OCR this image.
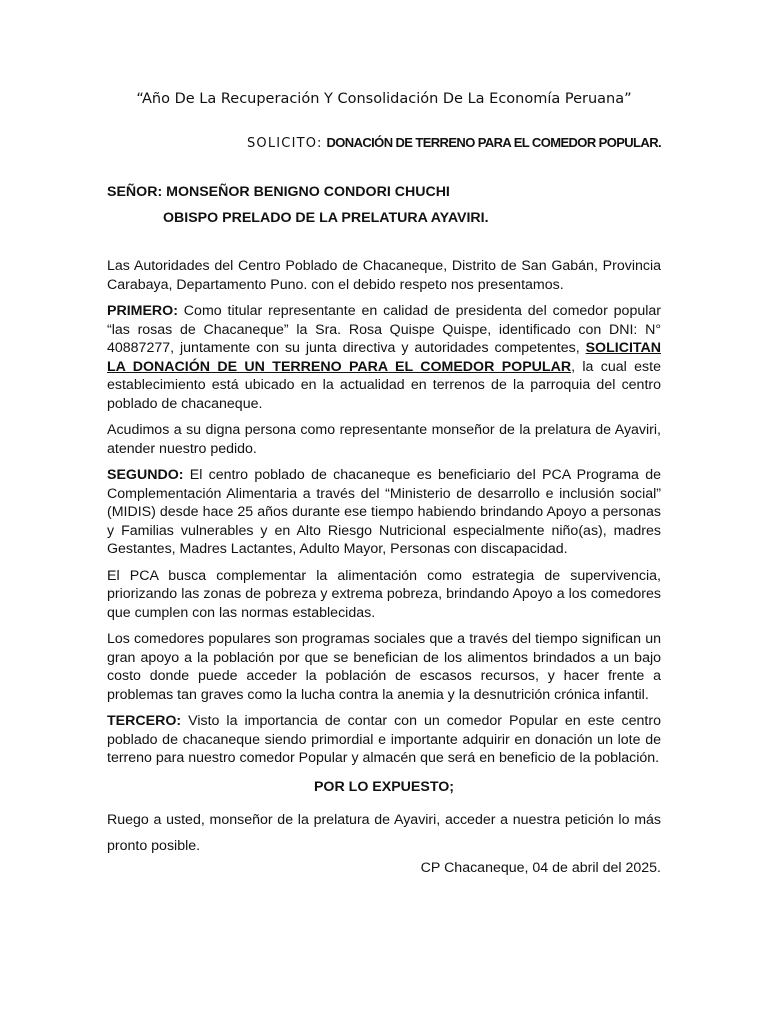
“Año De La Recuperación Y Consolidación De La Economía Peruana”
SOLICITO: DONACIÓN DE TERRENO PARA EL COMEDOR POPULAR.
SEÑOR: MONSEÑOR BENIGNO CONDORI CHUCHI
OBISPO PRELADO DE LA PRELATURA AYAVIRI.

Las Autoridades del Centro Poblado de Chacaneque, Distrito de San Gabán, Provincia Carabaya, Departamento Puno. con el debido respeto nos presentamos.

PRIMERO: Como titular representante en calidad de presidenta del comedor popular “las rosas de Chacaneque” la Sra. Rosa Quispe Quispe, identificado con DNI: N° 40887277, juntamente con su junta directiva y autoridades competentes, SOLICITAN LA DONACIÓN DE UN TERRENO PARA EL COMEDOR POPULAR, la cual este establecimiento está ubicado en la actualidad en terrenos de la parroquia del centro poblado de chacaneque.

Acudimos a su digna persona como representante monseñor de la prelatura de Ayaviri, atender nuestro pedido.

SEGUNDO: El centro poblado de chacaneque es beneficiario del PCA Programa de Complementación Alimentaria a través del “Ministerio de desarrollo e inclusión social” (MIDIS) desde hace 25 años durante ese tiempo habiendo brindando Apoyo a personas y Familias vulnerables y en Alto Riesgo Nutricional especialmente niño(as), madres Gestantes, Madres Lactantes, Adulto Mayor, Personas con discapacidad.

El PCA busca complementar la alimentación como estrategia de supervivencia, priorizando las zonas de pobreza y extrema pobreza, brindando Apoyo a los comedores que cumplen con las normas establecidas.

Los comedores populares son programas sociales que a través del tiempo significan un gran apoyo a la población por que se benefician de los alimentos brindados a un bajo costo donde puede acceder la población de escasos recursos, y hacer frente a problemas tan graves como la lucha contra la anemia y la desnutrición crónica infantil.

TERCERO: Visto la importancia de contar con un comedor Popular en este centro poblado de chacaneque siendo primordial e importante adquirir en donación un lote de terreno para nuestro comedor Popular y almacén que será en beneficio de la población.

POR LO EXPUESTO;

Ruego a usted, monseñor de la prelatura de Ayaviri, acceder a nuestra petición lo más pronto posible.

CP Chacaneque, 04 de abril del 2025.
